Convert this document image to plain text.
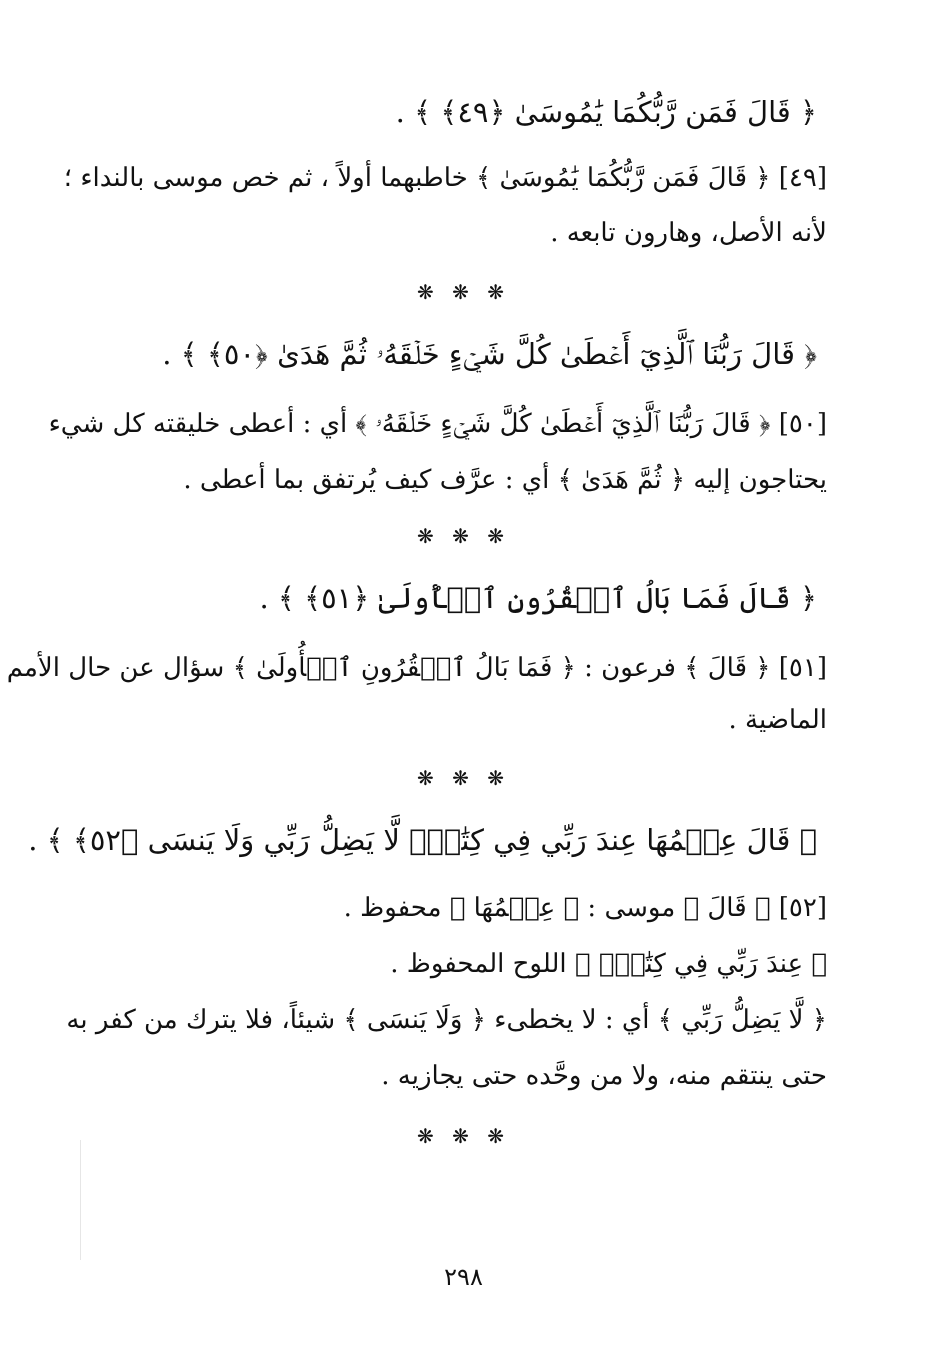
﴿ قَالَ فَمَن رَّبُّكُمَا يَٰمُوسَىٰ ﴿٤٩﴾ ﴾ .
[٤٩] ﴿ قَالَ فَمَن رَّبُّكُمَا يَٰمُوسَىٰ ﴾ خاطبهما أولاً ، ثم خص موسى بالنداء ؛
لأنه الأصل، وهارون تابعه .
❋ ❋ ❋
﴿ قَالَ رَبُّنَا ٱلَّذِيٓ أَعۡطَىٰ كُلَّ شَيۡءٍ خَلۡقَهُۥ ثُمَّ هَدَىٰ ﴿٥٠﴾ ﴾ .
[٥٠] ﴿ قَالَ رَبُّنَا ٱلَّذِيٓ أَعۡطَىٰ كُلَّ شَيۡءٍ خَلۡقَهُۥ ﴾ أي : أعطى خليقته كل شيء
يحتاجون إليه ﴿ ثُمَّ هَدَىٰ ﴾ أي : عرَّف كيف يُرتفق بما أعطى .
❋ ❋ ❋
﴿ قَالَ فَمَا بَالُ ٱلۡقُرُونِ ٱلۡأُولَىٰ ﴿٥١﴾ ﴾ .
[٥١] ﴿ قَالَ ﴾ فرعون : ﴿ فَمَا بَالُ ٱلۡقُرُونِ ٱلۡأُولَىٰ ﴾ سؤال عن حال الأمم
الماضية .
❋ ❋ ❋
﴿ قَالَ عِلۡمُهَا عِندَ رَبِّي فِي كِتَٰبٖۖ لَّا يَضِلُّ رَبِّي وَلَا يَنسَى ﴿٥٢﴾ ﴾ .
[٥٢] ﴿ قَالَ ﴾ موسى : ﴿ عِلۡمُهَا ﴾ محفوظ .
﴿ عِندَ رَبِّي فِي كِتَٰبٖۖ ﴾ اللوح المحفوظ .
﴿ لَّا يَضِلُّ رَبِّي ﴾ أي : لا يخطىء ﴿ وَلَا يَنسَى ﴾ شيئاً، فلا يترك من كفر به
حتى ينتقم منه، ولا من وحَّده حتى يجازيه .
❋ ❋ ❋
٢٩٨
